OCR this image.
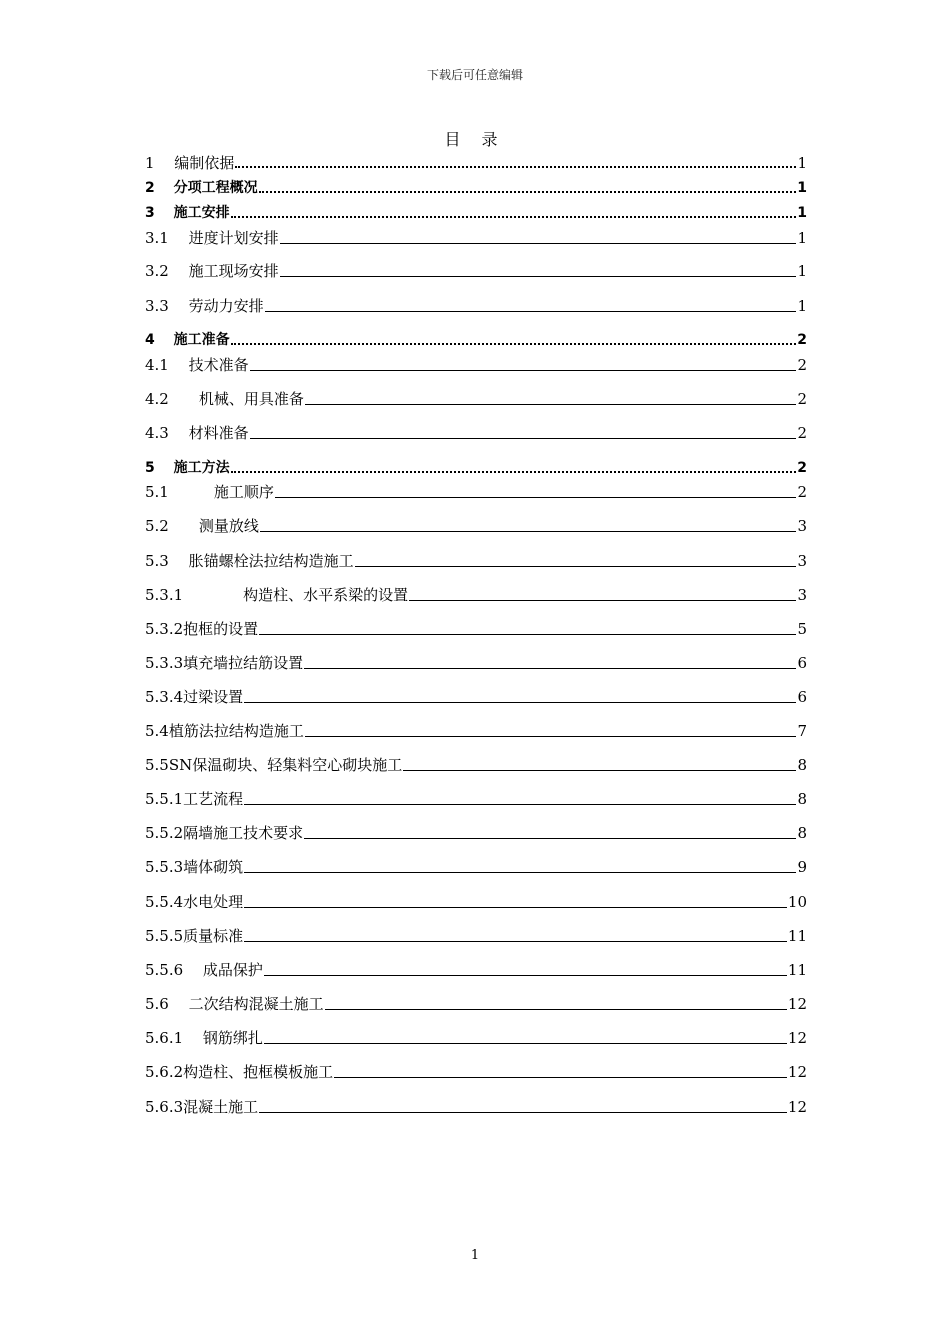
下载后可任意编辑
目 录
1　 编制依据	1
2　 分项工程概况	1
3　 施工安排	1
3.1　 进度计划安排	1
3.2　 施工现场安排	1
3.3　 劳动力安排	1
4　 施工准备	2
4.1　 技术准备	2
4.2　　机械、用具准备	2
4.3　 材料准备	2
5　 施工方法	2
5.1　　　施工顺序	2
5.2　　测量放线	3
5.3　 胀锚螺栓法拉结构造施工	3
5.3.1　　　　构造柱、水平系梁的设置	3
5.3.2抱框的设置	5
5.3.3填充墙拉结筋设置	6
5.3.4过梁设置	6
5.4植筋法拉结构造施工	7
5.5SN保温砌块、轻集料空心砌块施工	8
5.5.1工艺流程	8
5.5.2隔墙施工技术要求	8
5.5.3墙体砌筑	9
5.5.4水电处理	10
5.5.5质量标准	11
5.5.6　 成品保护	11
5.6　 二次结构混凝土施工	12
5.6.1　 钢筋绑扎	12
5.6.2构造柱、抱框模板施工	12
5.6.3混凝土施工	12
1
